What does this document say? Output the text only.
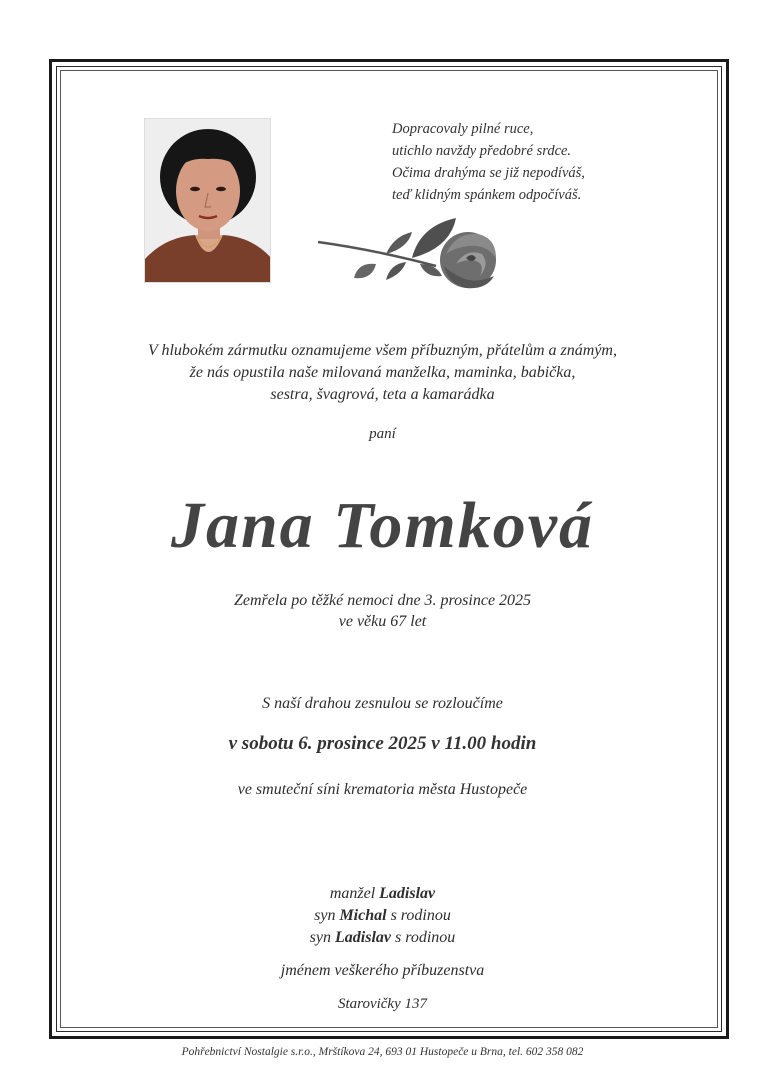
Dopracovaly pilné ruce,
utichlo navždy předobré srdce.
Očima drahýma se již nepodíváš,
teď klidným spánkem odpočíváš.
V hlubokém zármutku oznamujeme všem příbuzným, přátelům a známým,
že nás opustila naše milovaná manželka, maminka, babička,
sestra, švagrová, teta a kamarádka
paní
Jana Tomková
Zemřela po těžké nemoci dne 3. prosince 2025
ve věku 67 let
S naší drahou zesnulou se rozloučíme
v sobotu 6. prosince 2025 v 11.00 hodin
ve smuteční síni krematoria města Hustopeče
manžel Ladislav
syn Michal s rodinou
syn Ladislav s rodinou
jménem veškerého příbuzenstva
Starovičky 137
Pohřebnictví Nostalgie s.r.o., Mrštíkova 24, 693 01 Hustopeče u Brna, tel. 602 358 082
